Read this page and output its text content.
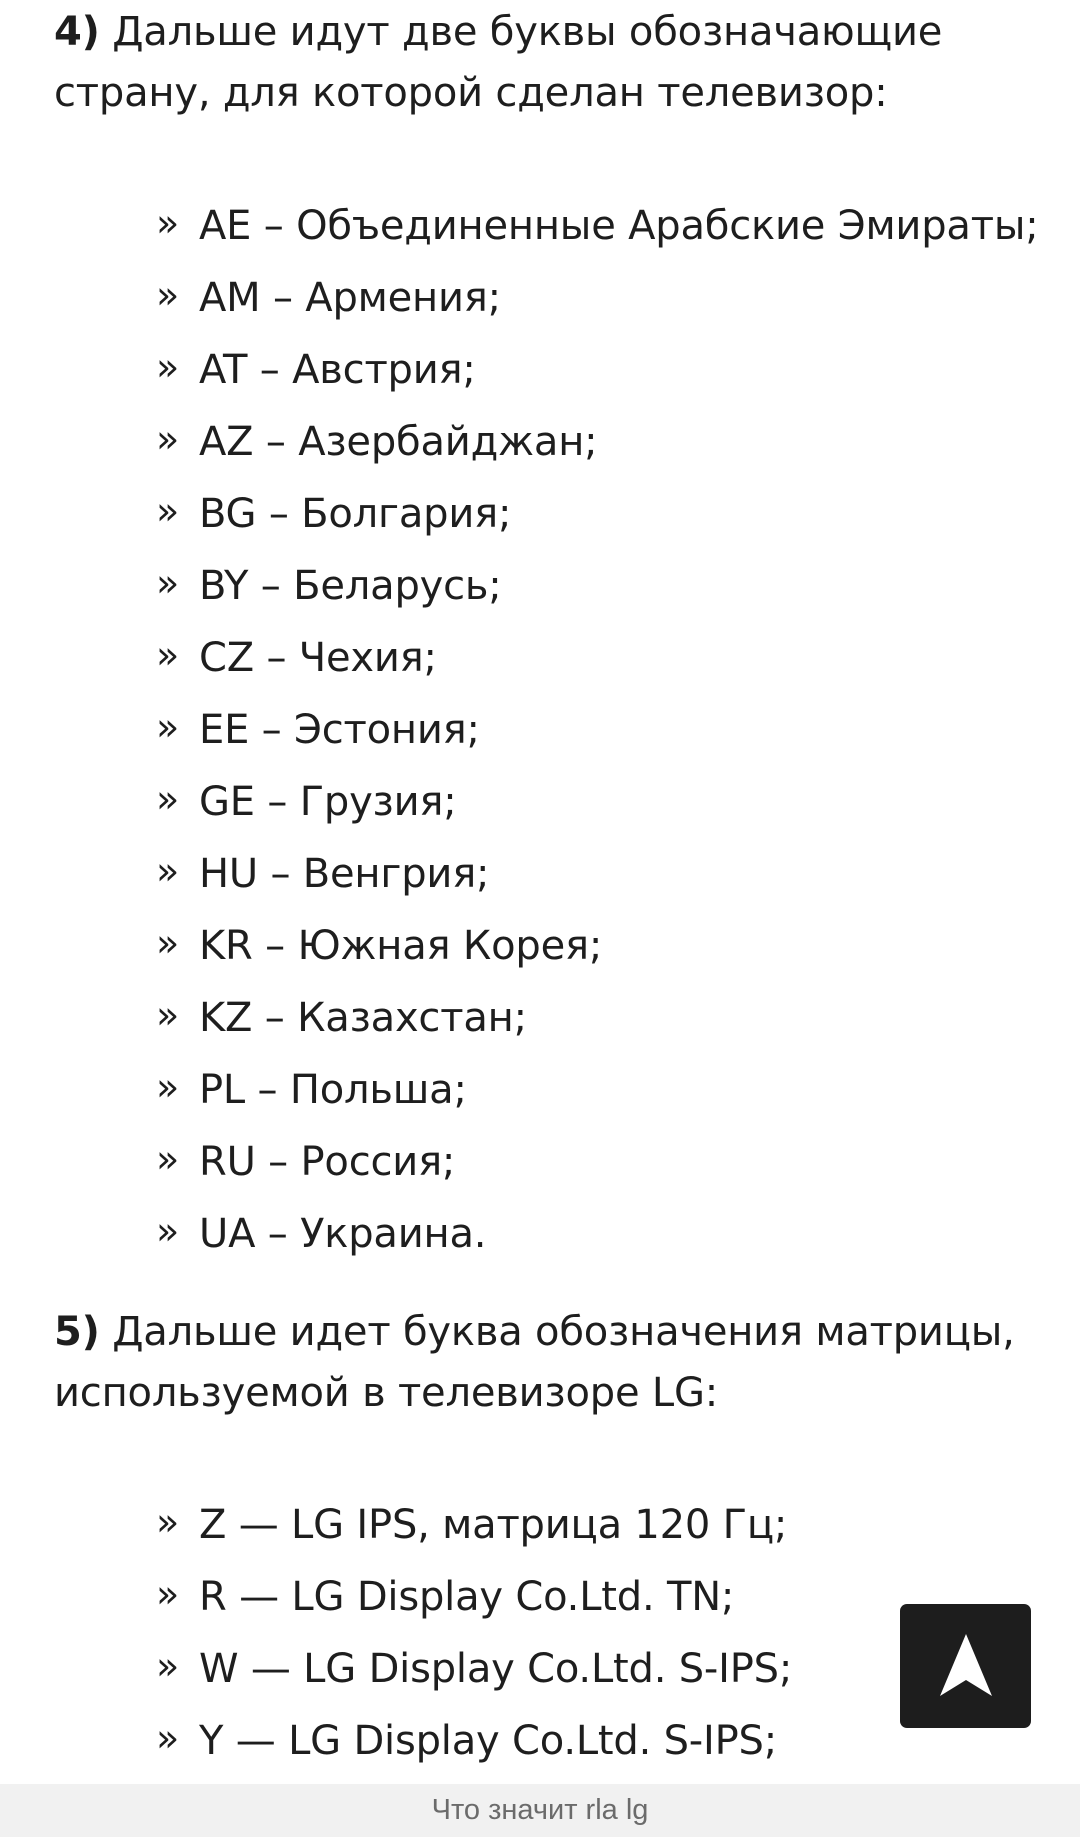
4) Дальше идут две буквы обозначающие
страну, для которой сделан телевизор:
» AE – Объединенные Арабские Эмираты;
» AM – Армения;
» AT – Австрия;
» AZ – Азербайджан;
» BG – Болгария;
» BY – Беларусь;
» CZ – Чехия;
» EE – Эстония;
» GE – Грузия;
» HU – Венгрия;
» KR – Южная Корея;
» KZ – Казахстан;
» PL – Польша;
» RU – Россия;
» UA – Украина.
5) Дальше идет буква обозначения матрицы,
используемой в телевизоре LG:
» Z — LG IPS, матрица 120 Гц;
» R — LG Display Co.Ltd. TN;
» W — LG Display Co.Ltd. S-IPS;
» Y — LG Display Co.Ltd. S-IPS;
Что значит rla lg
